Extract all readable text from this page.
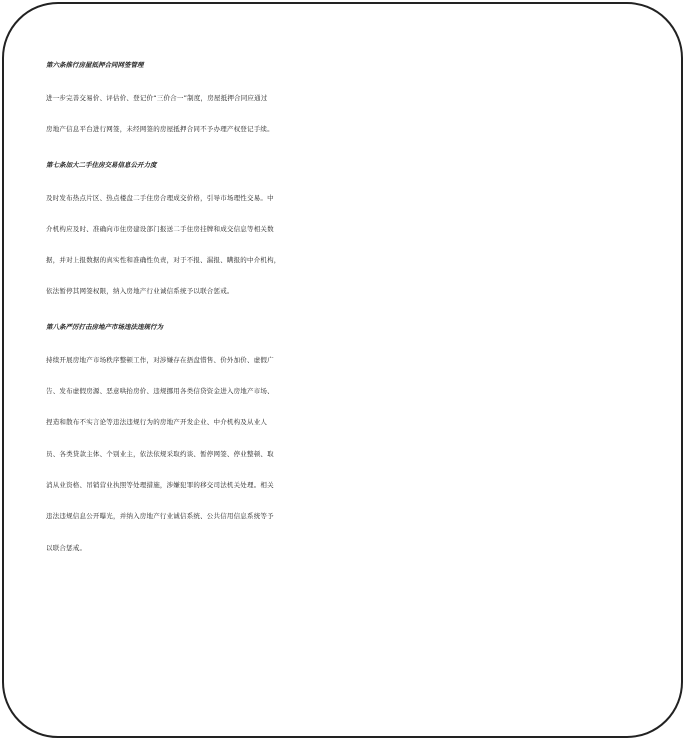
第六条推行房屋抵押合同网签管理
进一步完善交易价、评估价、登记价“三价合一”制度，房屋抵押合同应通过
房地产信息平台进行网签，未经网签的房屋抵押合同不予办理产权登记手续。
第七条加大二手住房交易信息公开力度
及时发布热点片区、热点楼盘二手住房合理成交价格，引导市场理性交易。中
介机构应及时、准确向市住房建设部门报送二手住房挂牌和成交信息等相关数
据，并对上报数据的真实性和准确性负责，对于不报、漏报、瞒报的中介机构，
依法暂停其网签权限，纳入房地产行业诚信系统予以联合惩戒。
第八条严厉打击房地产市场违法违规行为
持续开展房地产市场秩序整顿工作，对涉嫌存在捂盘惜售、价外加价、虚假广
告、发布虚假房源、恶意哄抬房价、违规挪用各类信贷资金进入房地产市场、
捏造和散布不实言论等违法违规行为的房地产开发企业、中介机构及从业人
员、各类贷款主体、个别业主，依法依规采取约谈、暂停网签、停业整顿、取
消从业资格、吊销营业执照等处理措施，涉嫌犯罪的移交司法机关处理。相关
违法违规信息公开曝光，并纳入房地产行业诚信系统、公共信用信息系统等予
以联合惩戒。
